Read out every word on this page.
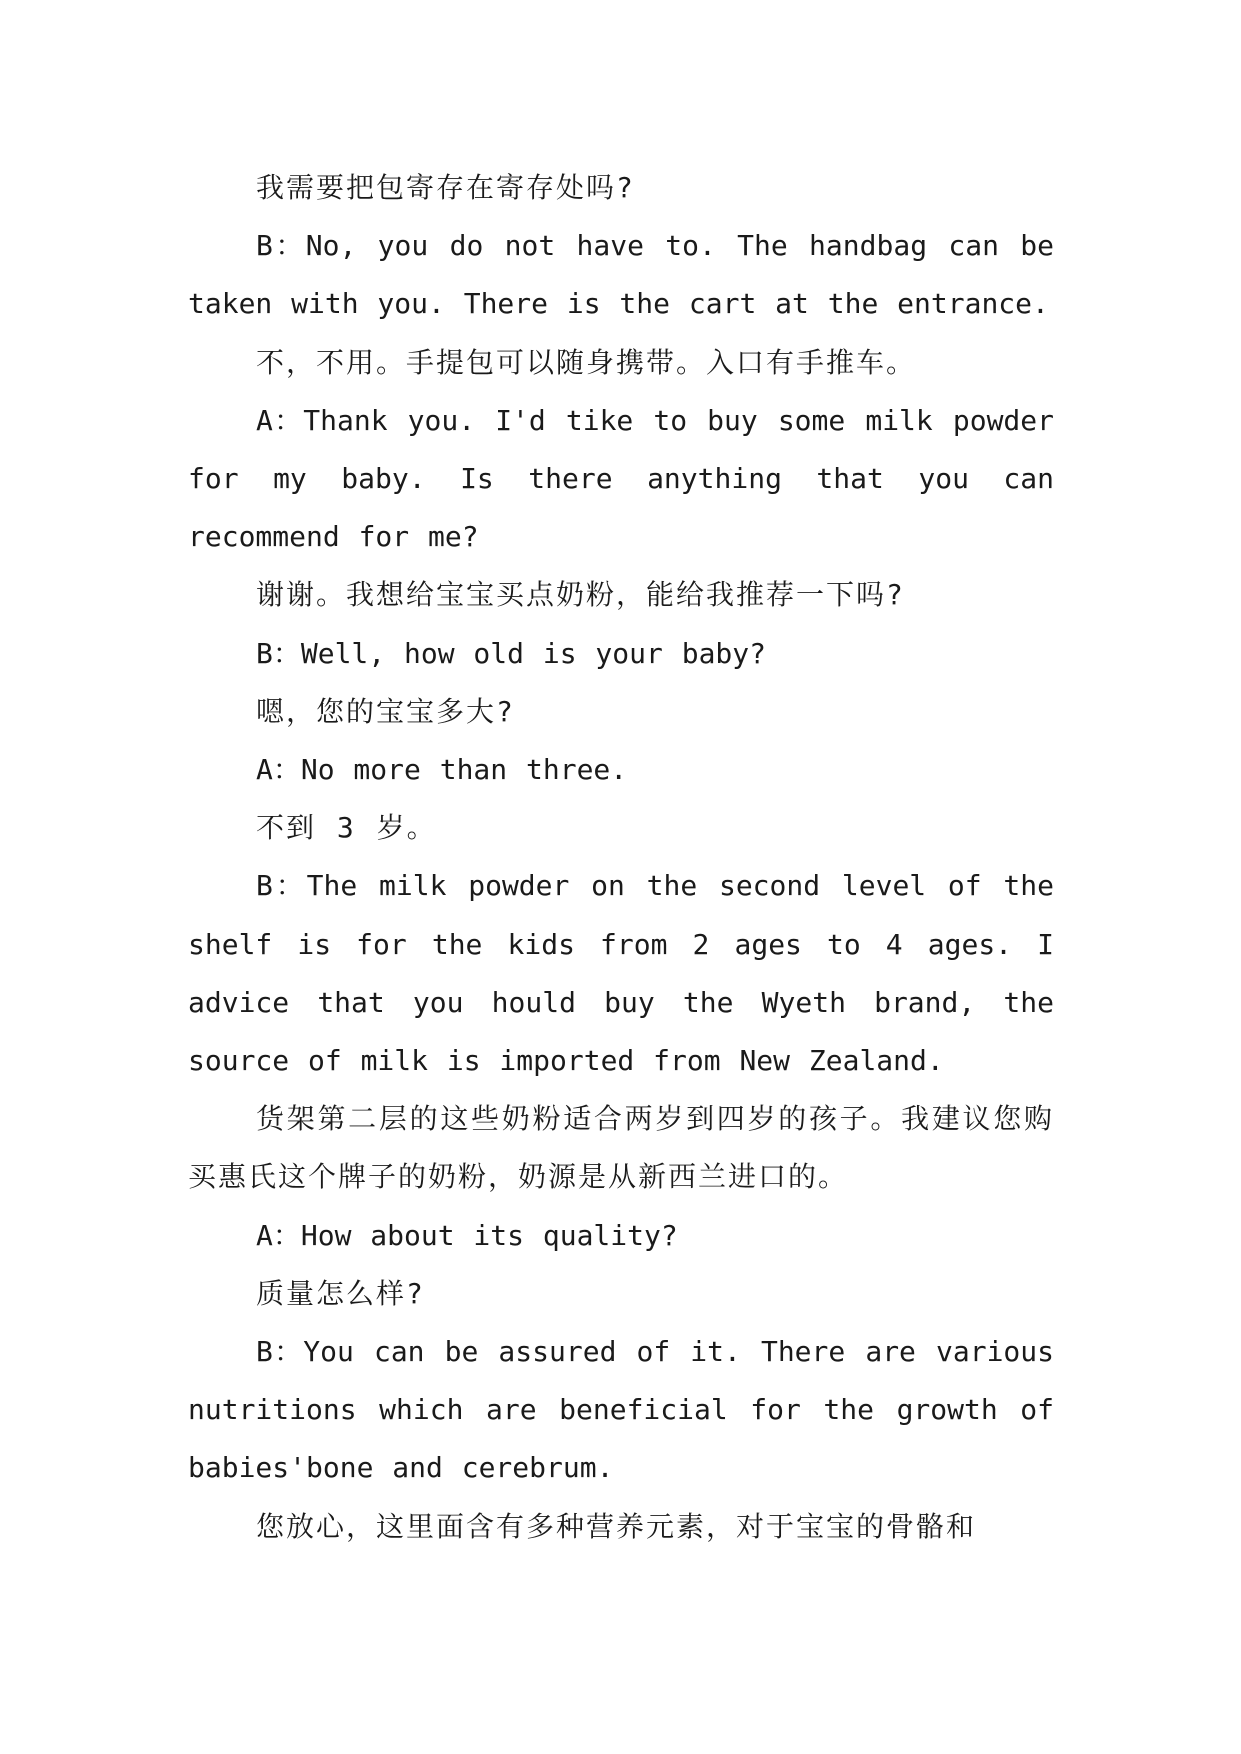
我需要把包寄存在寄存处吗?

B：No, you do not have to. The handbag can be taken with you. There is the cart at the entrance.

不，不用。手提包可以随身携带。入口有手推车。

A：Thank you. I'd tike to buy some milk powder for my baby. Is there anything that you can recommend for me?

谢谢。我想给宝宝买点奶粉，能给我推荐一下吗?

B：Well, how old is your baby?

嗯，您的宝宝多大?

A：No more than three.

不到 3 岁。

B：The milk powder on the second level of the shelf is for the kids from 2 ages to 4 ages. I advice that you hould buy the Wyeth brand, the source of milk is imported from New Zealand.

货架第二层的这些奶粉适合两岁到四岁的孩子。我建议您购买惠氏这个牌子的奶粉，奶源是从新西兰进口的。

A：How about its quality?

质量怎么样?

B：You can be assured of it. There are various nutritions which are beneficial for the growth of babies'bone and cerebrum.

您放心，这里面含有多种营养元素，对于宝宝的骨骼和
